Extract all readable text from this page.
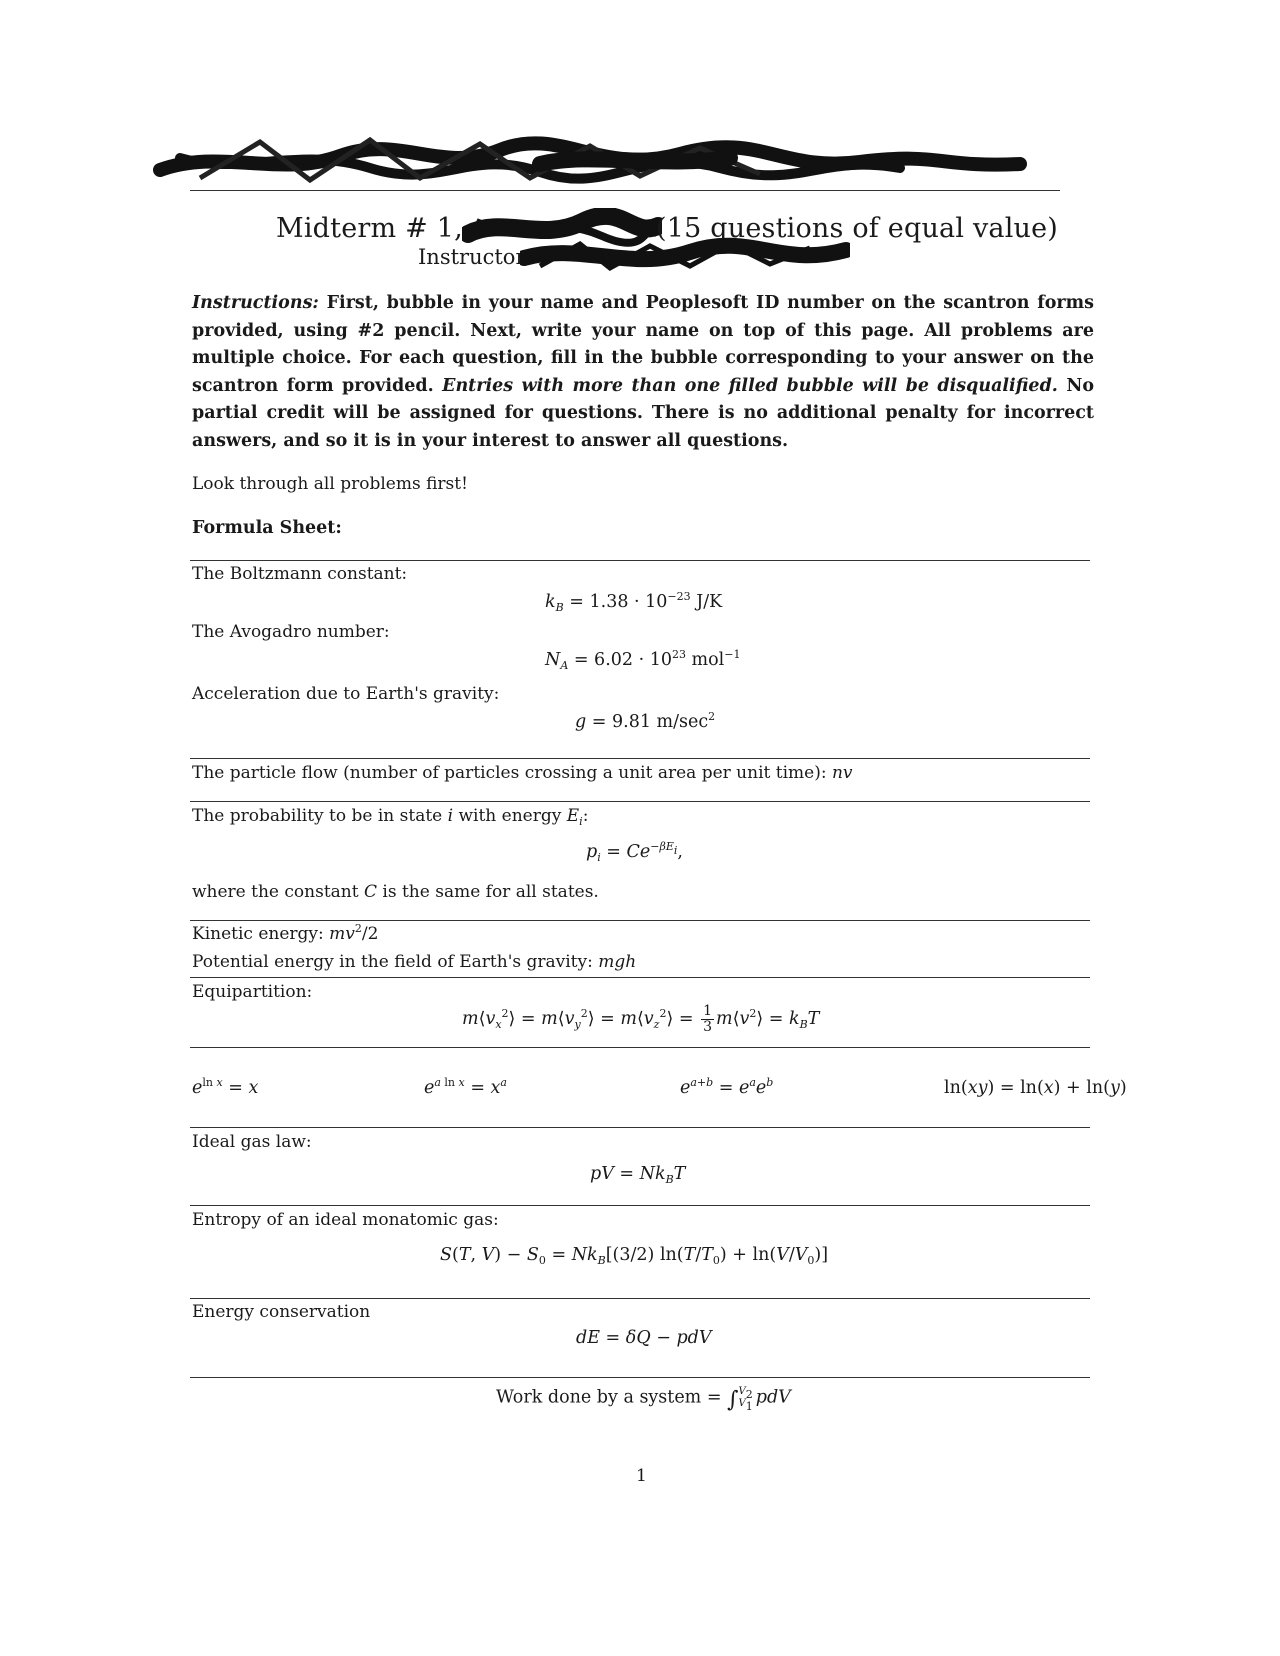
Midterm # 1,	(15 questions of equal value)
Instructors
Instructions: First, bubble in your name and Peoplesoft ID number on the scantron forms provided, using #2 pencil. Next, write your name on top of this page. All problems are multiple choice. For each question, fill in the bubble corresponding to your answer on the scantron form provided. Entries with more than one filled bubble will be disqualified. No partial credit will be assigned for questions. There is no additional penalty for incorrect answers, and so it is in your interest to answer all questions.
Look through all problems first!
Formula Sheet:
The Boltzmann constant:
$k_B = 1.38 \cdot 10^{-23}$ J/K
The Avogadro number:
$N_A = 6.02 \cdot 10^{23}$ mol$^{-1}$
Acceleration due to Earth's gravity:
g = 9.81 $m/\sec^2$
The particle flow (number of particles crossing a unit area per unit time): nv
The probability to be in state i with energy $E_i$:
$p_i = Ce^{-\beta E_i}$,
where the constant C is the same for all states.
Kinetic energy: $mv^2/2$
Potential energy in the field of Earth's gravity: mgh
Equipartition:
$m⟨v_x^2⟩$ = $m⟨v_y^2⟩$ = $m⟨v_z^2⟩ = \frac{1}{3}$ $m⟨v^2⟩ = k_BT$
$e^{ln x} = x$	$e^{a ln x} = x^a$	$e^{a+b} = e^ae^b$	ln(xy) = ln(x) + ln(y)
Ideal gas law:
pV = $Nk_BT$
Entropy of an ideal monatomic gas:
S(T, $V) - S_0 = Nk_B[(3/2) \ln(T/T_0) + \ln(V/V_0)]$
Energy conservation
dE = δQ − pdV
Work done by a system = ∫ $V_2$
$V_1$ pdV
1
